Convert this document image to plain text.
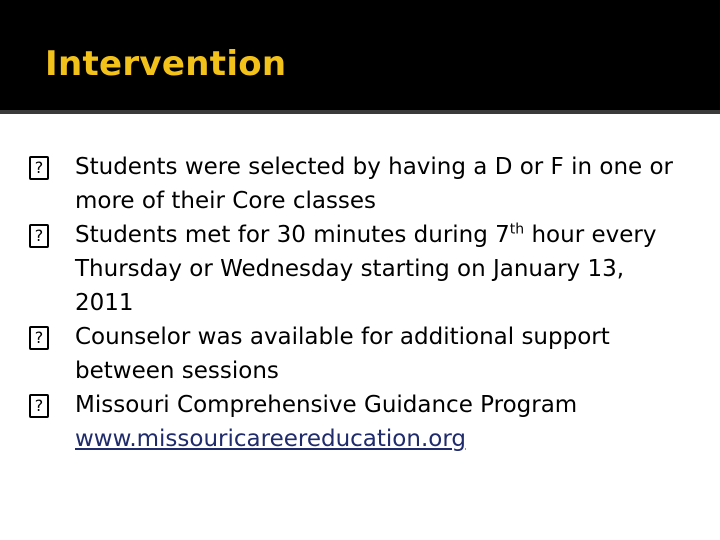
Intervention
? Students were selected by having a D or F in one or more of their Core classes
? Students met for 30 minutes during 7th hour every Thursday or Wednesday starting on January 13, 2011
? Counselor was available for additional support between sessions
? Missouri Comprehensive Guidance Program www.missouricareereducation.org
